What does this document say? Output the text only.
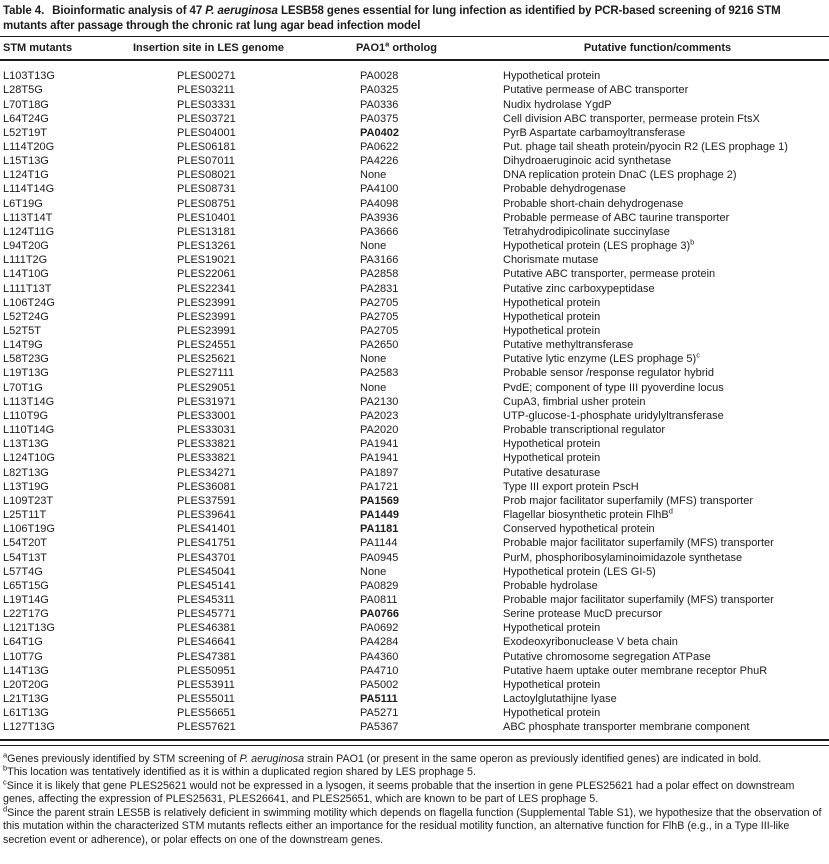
Table 4. Bioinformatic analysis of 47 P. aeruginosa LESB58 genes essential for lung infection as identified by PCR-based screening of 9216 STM mutants after passage through the chronic rat lung agar bead infection model
STM mutants	Insertion site in LES genome	PAO1$^a$ ortholog	Putative function/comments
L103T13G	PLES00271	PA0028	Hypothetical protein
L28T5G	PLES03211	PA0325	Putative permease of ABC transporter
L70T18G	PLES03331	PA0336	Nudix hydrolase YgdP
L64T24G	PLES03721	PA0375	Cell division ABC transporter, permease protein FtsX
L52T19T	PLES04001	PA0402	PyrB Aspartate carbamoyltransferase
L114T20G	PLES06181	PA0622	Put. phage tail sheath protein/pyocin R2 (LES prophage 1)
L15T13G	PLES07011	PA4226	Dihydroaeruginoic acid synthetase
L124T1G	PLES08021	None	DNA replication protein DnaC (LES prophage 2)
L114T14G	PLES08731	PA4100	Probable dehydrogenase
L6T19G	PLES08751	PA4098	Probable short-chain dehydrogenase
L113T14T	PLES10401	PA3936	Probable permease of ABC taurine transporter
L124T11G	PLES13181	PA3666	Tetrahydrodipicolinate succinylase
L94T20G	PLES13261	None	Hypothetical protein (LES prophage 3)$^b$
L111T2G	PLES19021	PA3166	Chorismate mutase
L14T10G	PLES22061	PA2858	Putative ABC transporter, permease protein
L111T13T	PLES22341	PA2831	Putative zinc carboxypeptidase
L106T24G	PLES23991	PA2705	Hypothetical protein
L52T24G	PLES23991	PA2705	Hypothetical protein
L52T5T	PLES23991	PA2705	Hypothetical protein
L14T9G	PLES24551	PA2650	Putative methyltransferase
L58T23G	PLES25621	None	Putative lytic enzyme (LES prophage 5)$^c$
L19T13G	PLES27111	PA2583	Probable sensor /response regulator hybrid
L70T1G	PLES29051	None	PvdE; component of type III pyoverdine locus
L113T14G	PLES31971	PA2130	CupA3, fimbrial usher protein
L110T9G	PLES33001	PA2023	UTP-glucose-1-phosphate uridylyltransferase
L110T14G	PLES33031	PA2020	Probable transcriptional regulator
L13T13G	PLES33821	PA1941	Hypothetical protein
L124T10G	PLES33821	PA1941	Hypothetical protein
L82T13G	PLES34271	PA1897	Putative desaturase
L13T19G	PLES36081	PA1721	Type III export protein PscH
L109T23T	PLES37591	PA1569	Prob major facilitator superfamily (MFS) transporter
L25T11T	PLES39641	PA1449	Flagellar biosynthetic protein FlhB$^d$
L106T19G	PLES41401	PA1181	Conserved hypothetical protein
L54T20T	PLES41751	PA1144	Probable major facilitator superfamily (MFS) transporter
L54T13T	PLES43701	PA0945	PurM, phosphoribosylaminoimidazole synthetase
L57T4G	PLES45041	None	Hypothetical protein (LES GI-5)
L65T15G	PLES45141	PA0829	Probable hydrolase
L19T14G	PLES45311	PA0811	Probable major facilitator superfamily (MFS) transporter
L22T17G	PLES45771	PA0766	Serine protease MucD precursor
L121T13G	PLES46381	PA0692	Hypothetical protein
L64T1G	PLES46641	PA4284	Exodeoxyribonuclease V beta chain
L10T7G	PLES47381	PA4360	Putative chromosome segregation ATPase
L14T13G	PLES50951	PA4710	Putative haem uptake outer membrane receptor PhuR
L20T20G	PLES53911	PA5002	Hypothetical protein
L21T13G	PLES55011	PA5111	Lactoylglutathijne lyase
L61T13G	PLES56651	PA5271	Hypothetical protein
L127T13G	PLES57621	PA5367	ABC phosphate transporter membrane component
$^a$Genes previously identified by STM screening of P. aeruginosa strain PAO1 (or present in the same operon as previously identified genes) are indicated in bold.
$^b$This location was tentatively identified as it is within a duplicated region shared by LES prophage 5.
$^c$Since it is likely that gene PLES25621 would not be expressed in a lysogen, it seems probable that the insertion in gene PLES25621 had a polar effect on downstream genes, affecting the expression of PLES25631, PLES26641, and PLES25651, which are known to be part of LES prophage 5.
$^d$Since the parent strain LES5B is relatively deficient in swimming motility which depends on flagella function (Supplemental Table S1), we hypothesize that the observation of this mutation within the characterized STM mutants reflects either an importance for the residual motility function, an alternative function for FlhB (e.g., in a Type III-like secretion event or adherence), or polar effects on one of the downstream genes.
